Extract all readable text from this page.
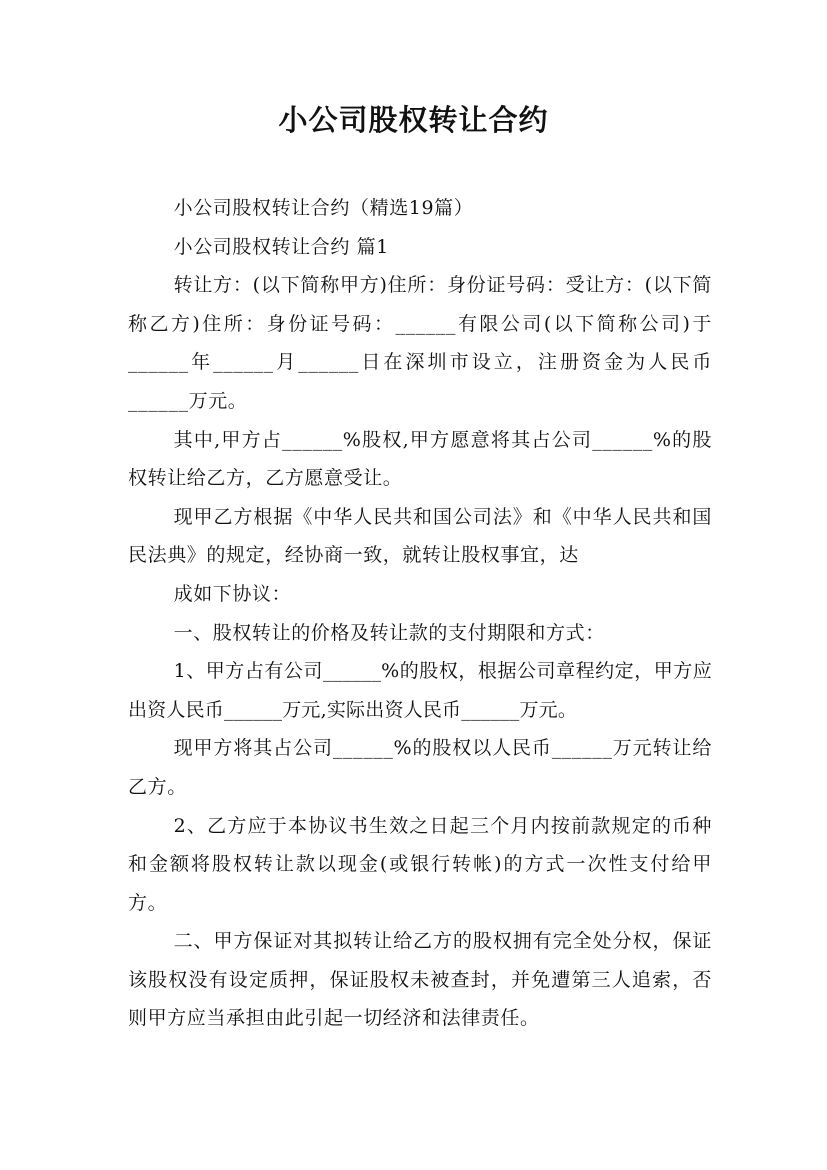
小公司股权转让合约

小公司股权转让合约（精选19篇）

小公司股权转让合约 篇1

转让方：(以下简称甲方)住所：身份证号码：受让方：(以下简称乙方)住所：身份证号码：______有限公司(以下简称公司)于______年______月______日在深圳市设立，注册资金为人民币______万元。

其中,甲方占______%股权,甲方愿意将其占公司______%的股权转让给乙方，乙方愿意受让。

现甲乙方根据《中华人民共和国公司法》和《中华人民共和国民法典》的规定，经协商一致，就转让股权事宜，达

成如下协议：

一、股权转让的价格及转让款的支付期限和方式：

1、甲方占有公司______%的股权，根据公司章程约定，甲方应出资人民币______万元,实际出资人民币______万元。

现甲方将其占公司______%的股权以人民币______万元转让给乙方。

2、乙方应于本协议书生效之日起三个月内按前款规定的币种和金额将股权转让款以现金(或银行转帐)的方式一次性支付给甲方。

二、甲方保证对其拟转让给乙方的股权拥有完全处分权，保证该股权没有设定质押，保证股权未被查封，并免遭第三人追索，否则甲方应当承担由此引起一切经济和法律责任。
